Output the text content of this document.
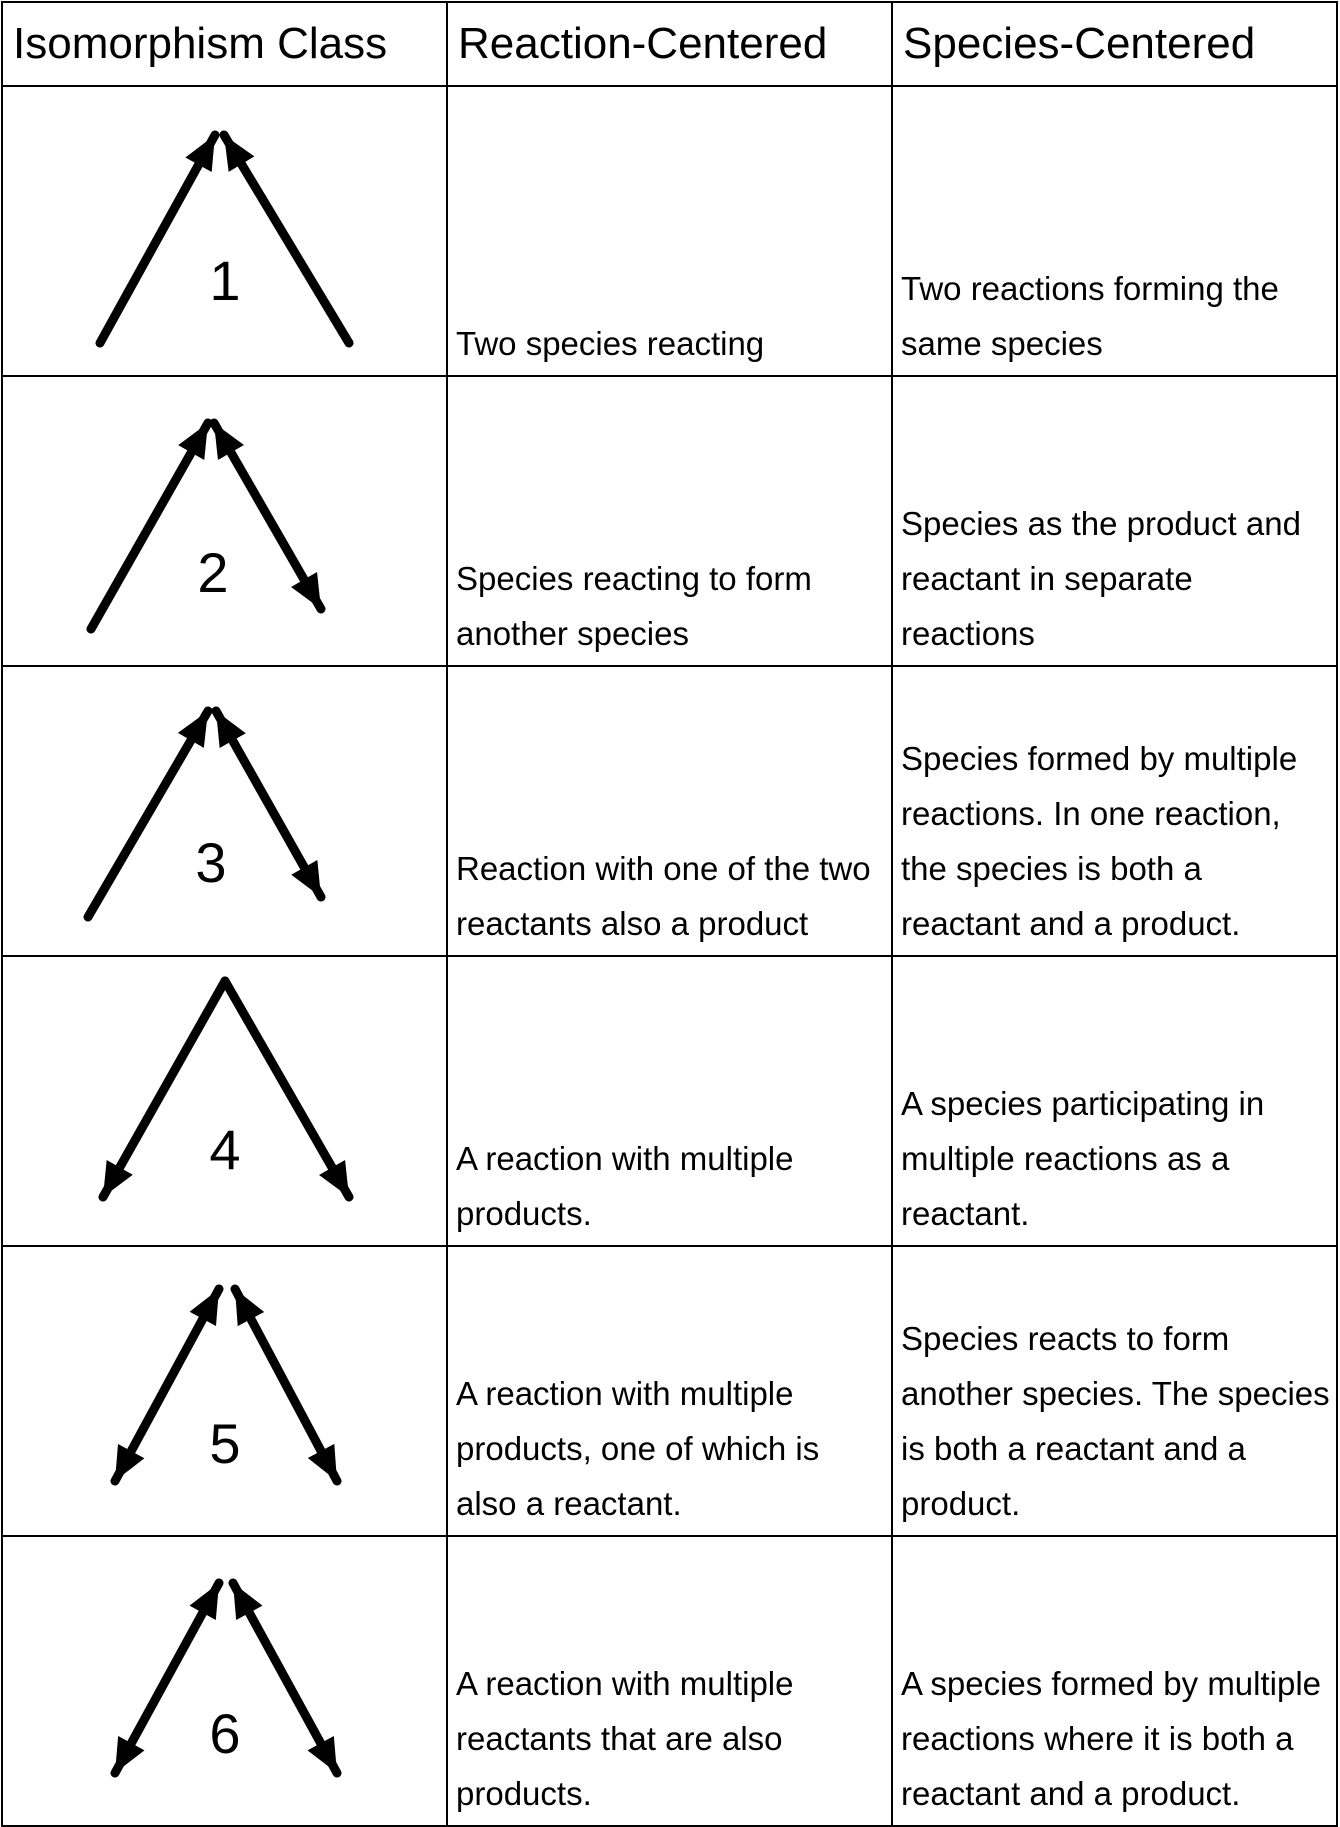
Isomorphism Class	Reaction-Centered	Species-Centered

1	Two species reacting	Two reactions forming the same species

2	Species reacting to form another species	Species as the product and reactant in separate reactions

3	Reaction with one of the two reactants also a product	Species formed by multiple reactions. In one reaction, the species is both a reactant and a product.

4	A reaction with multiple products.	A species participating in multiple reactions as a reactant.

5	A reaction with multiple products, one of which is also a reactant.	Species reacts to form another species. The species is both a reactant and a product.

6	A reaction with multiple reactants that are also products.	A species formed by multiple reactions where it is both a reactant and a product.
